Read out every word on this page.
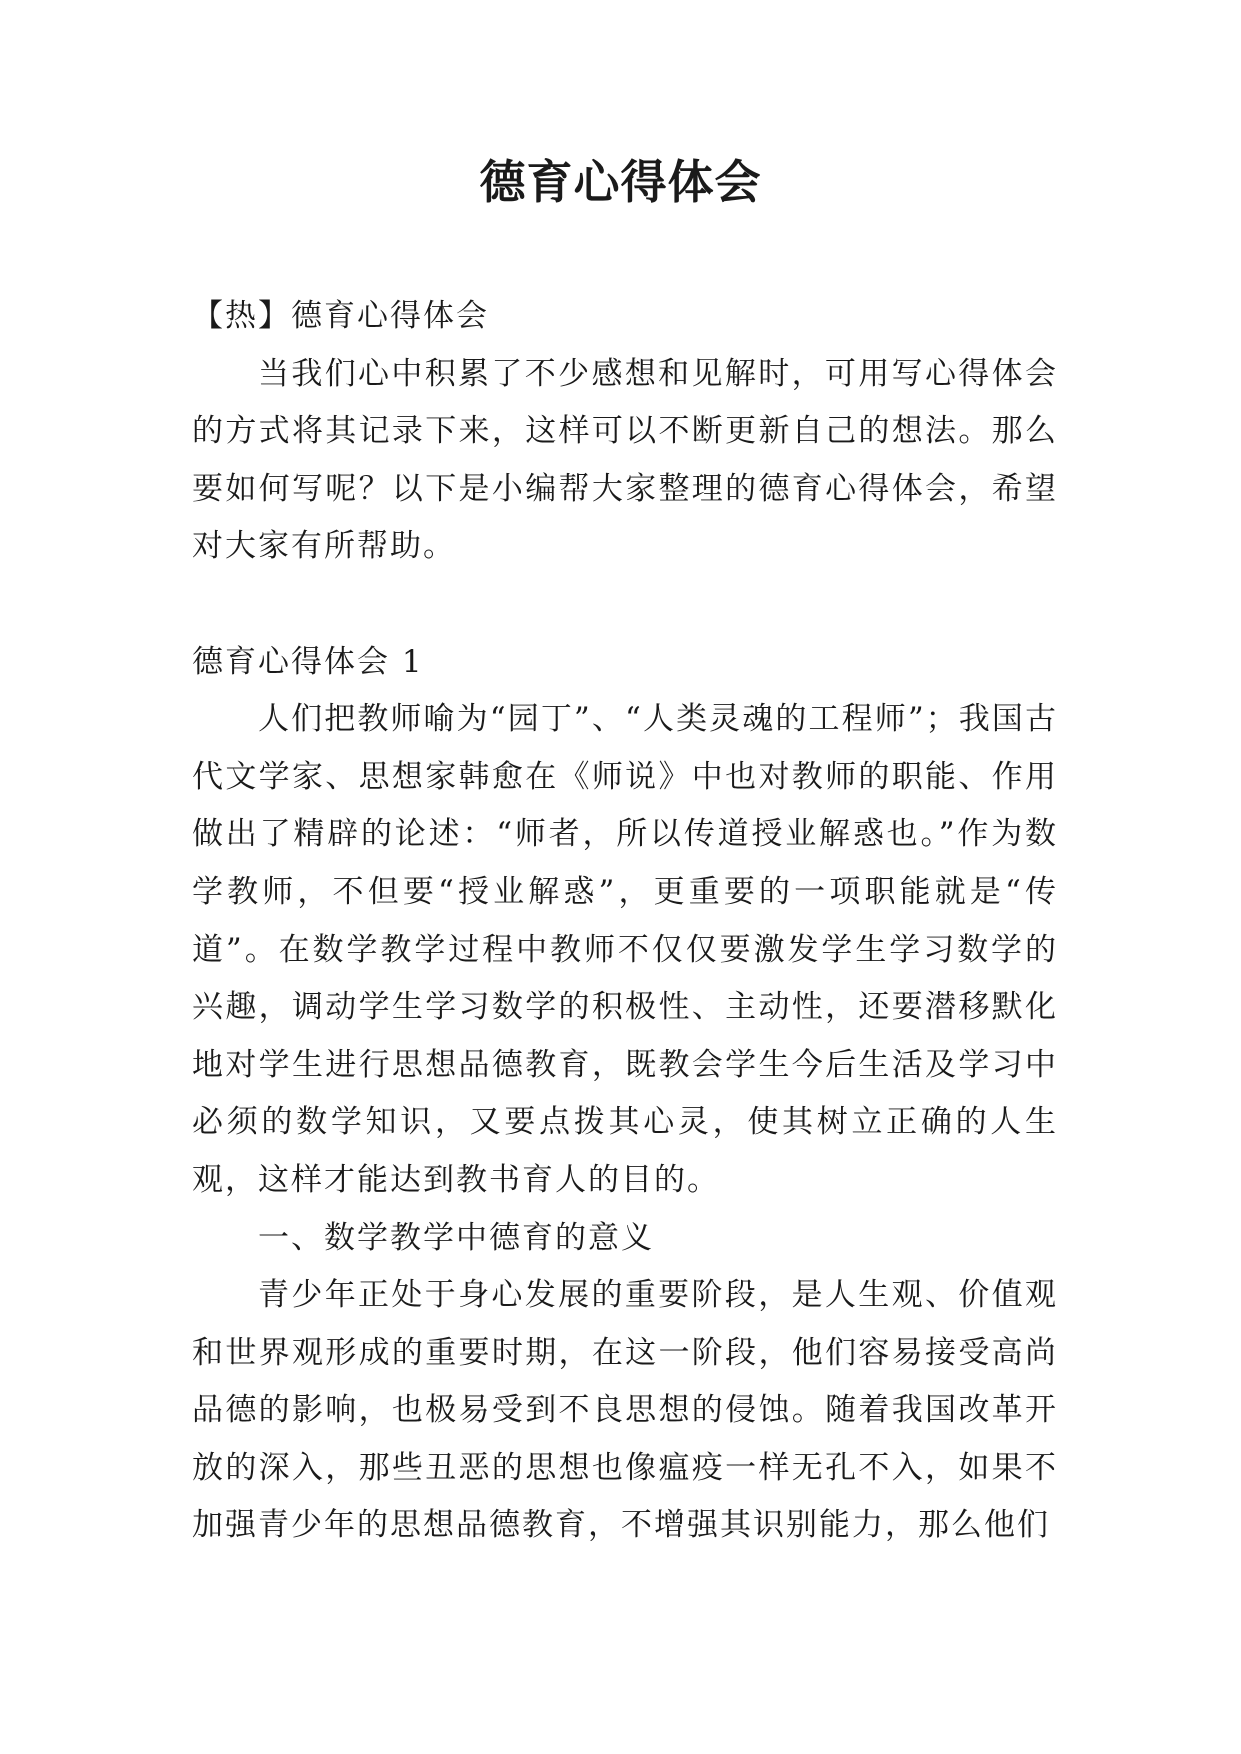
德育心得体会

【热】德育心得体会

当我们心中积累了不少感想和见解时，可用写心得体会的方式将其记录下来，这样可以不断更新自己的想法。那么要如何写呢？以下是小编帮大家整理的德育心得体会，希望对大家有所帮助。

德育心得体会 1

人们把教师喻为“园丁”、“人类灵魂的工程师”；我国古代文学家、思想家韩愈在《师说》中也对教师的职能、作用做出了精辟的论述：“师者，所以传道授业解惑也。”作为数学教师，不但要“授业解惑”，更重要的一项职能就是“传道”。在数学教学过程中教师不仅仅要激发学生学习数学的兴趣，调动学生学习数学的积极性、主动性，还要潜移默化地对学生进行思想品德教育，既教会学生今后生活及学习中必须的数学知识，又要点拨其心灵，使其树立正确的人生观，这样才能达到教书育人的目的。

一、数学教学中德育的意义

青少年正处于身心发展的重要阶段，是人生观、价值观和世界观形成的重要时期，在这一阶段，他们容易接受高尚品德的影响，也极易受到不良思想的侵蚀。随着我国改革开放的深入，那些丑恶的思想也像瘟疫一样无孔不入，如果不加强青少年的思想品德教育，不增强其识别能力，那么他们
